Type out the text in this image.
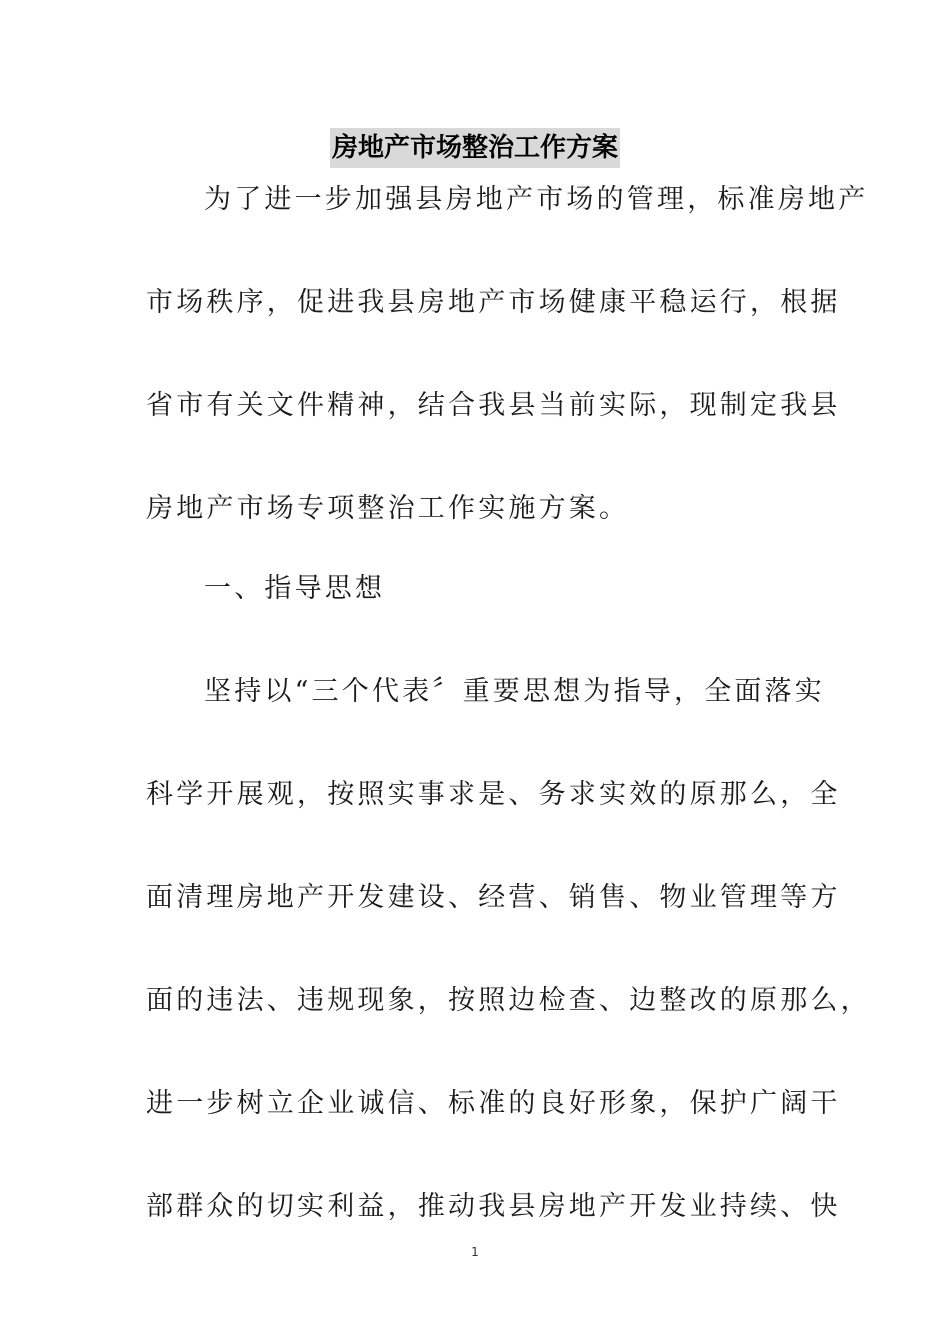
房地产市场整治工作方案
为了进一步加强县房地产市场的管理，标准房地产
市场秩序，促进我县房地产市场健康平稳运行，根据
省市有关文件精神，结合我县当前实际，现制定我县
房地产市场专项整治工作实施方案。
一、指导思想
坚持以“三个代表〞重要思想为指导，全面落实
科学开展观，按照实事求是、务求实效的原那么，全
面清理房地产开发建设、经营、销售、物业管理等方
面的违法、违规现象，按照边检查、边整改的原那么，
进一步树立企业诚信、标准的良好形象，保护广阔干
部群众的切实利益，推动我县房地产开发业持续、快
1
